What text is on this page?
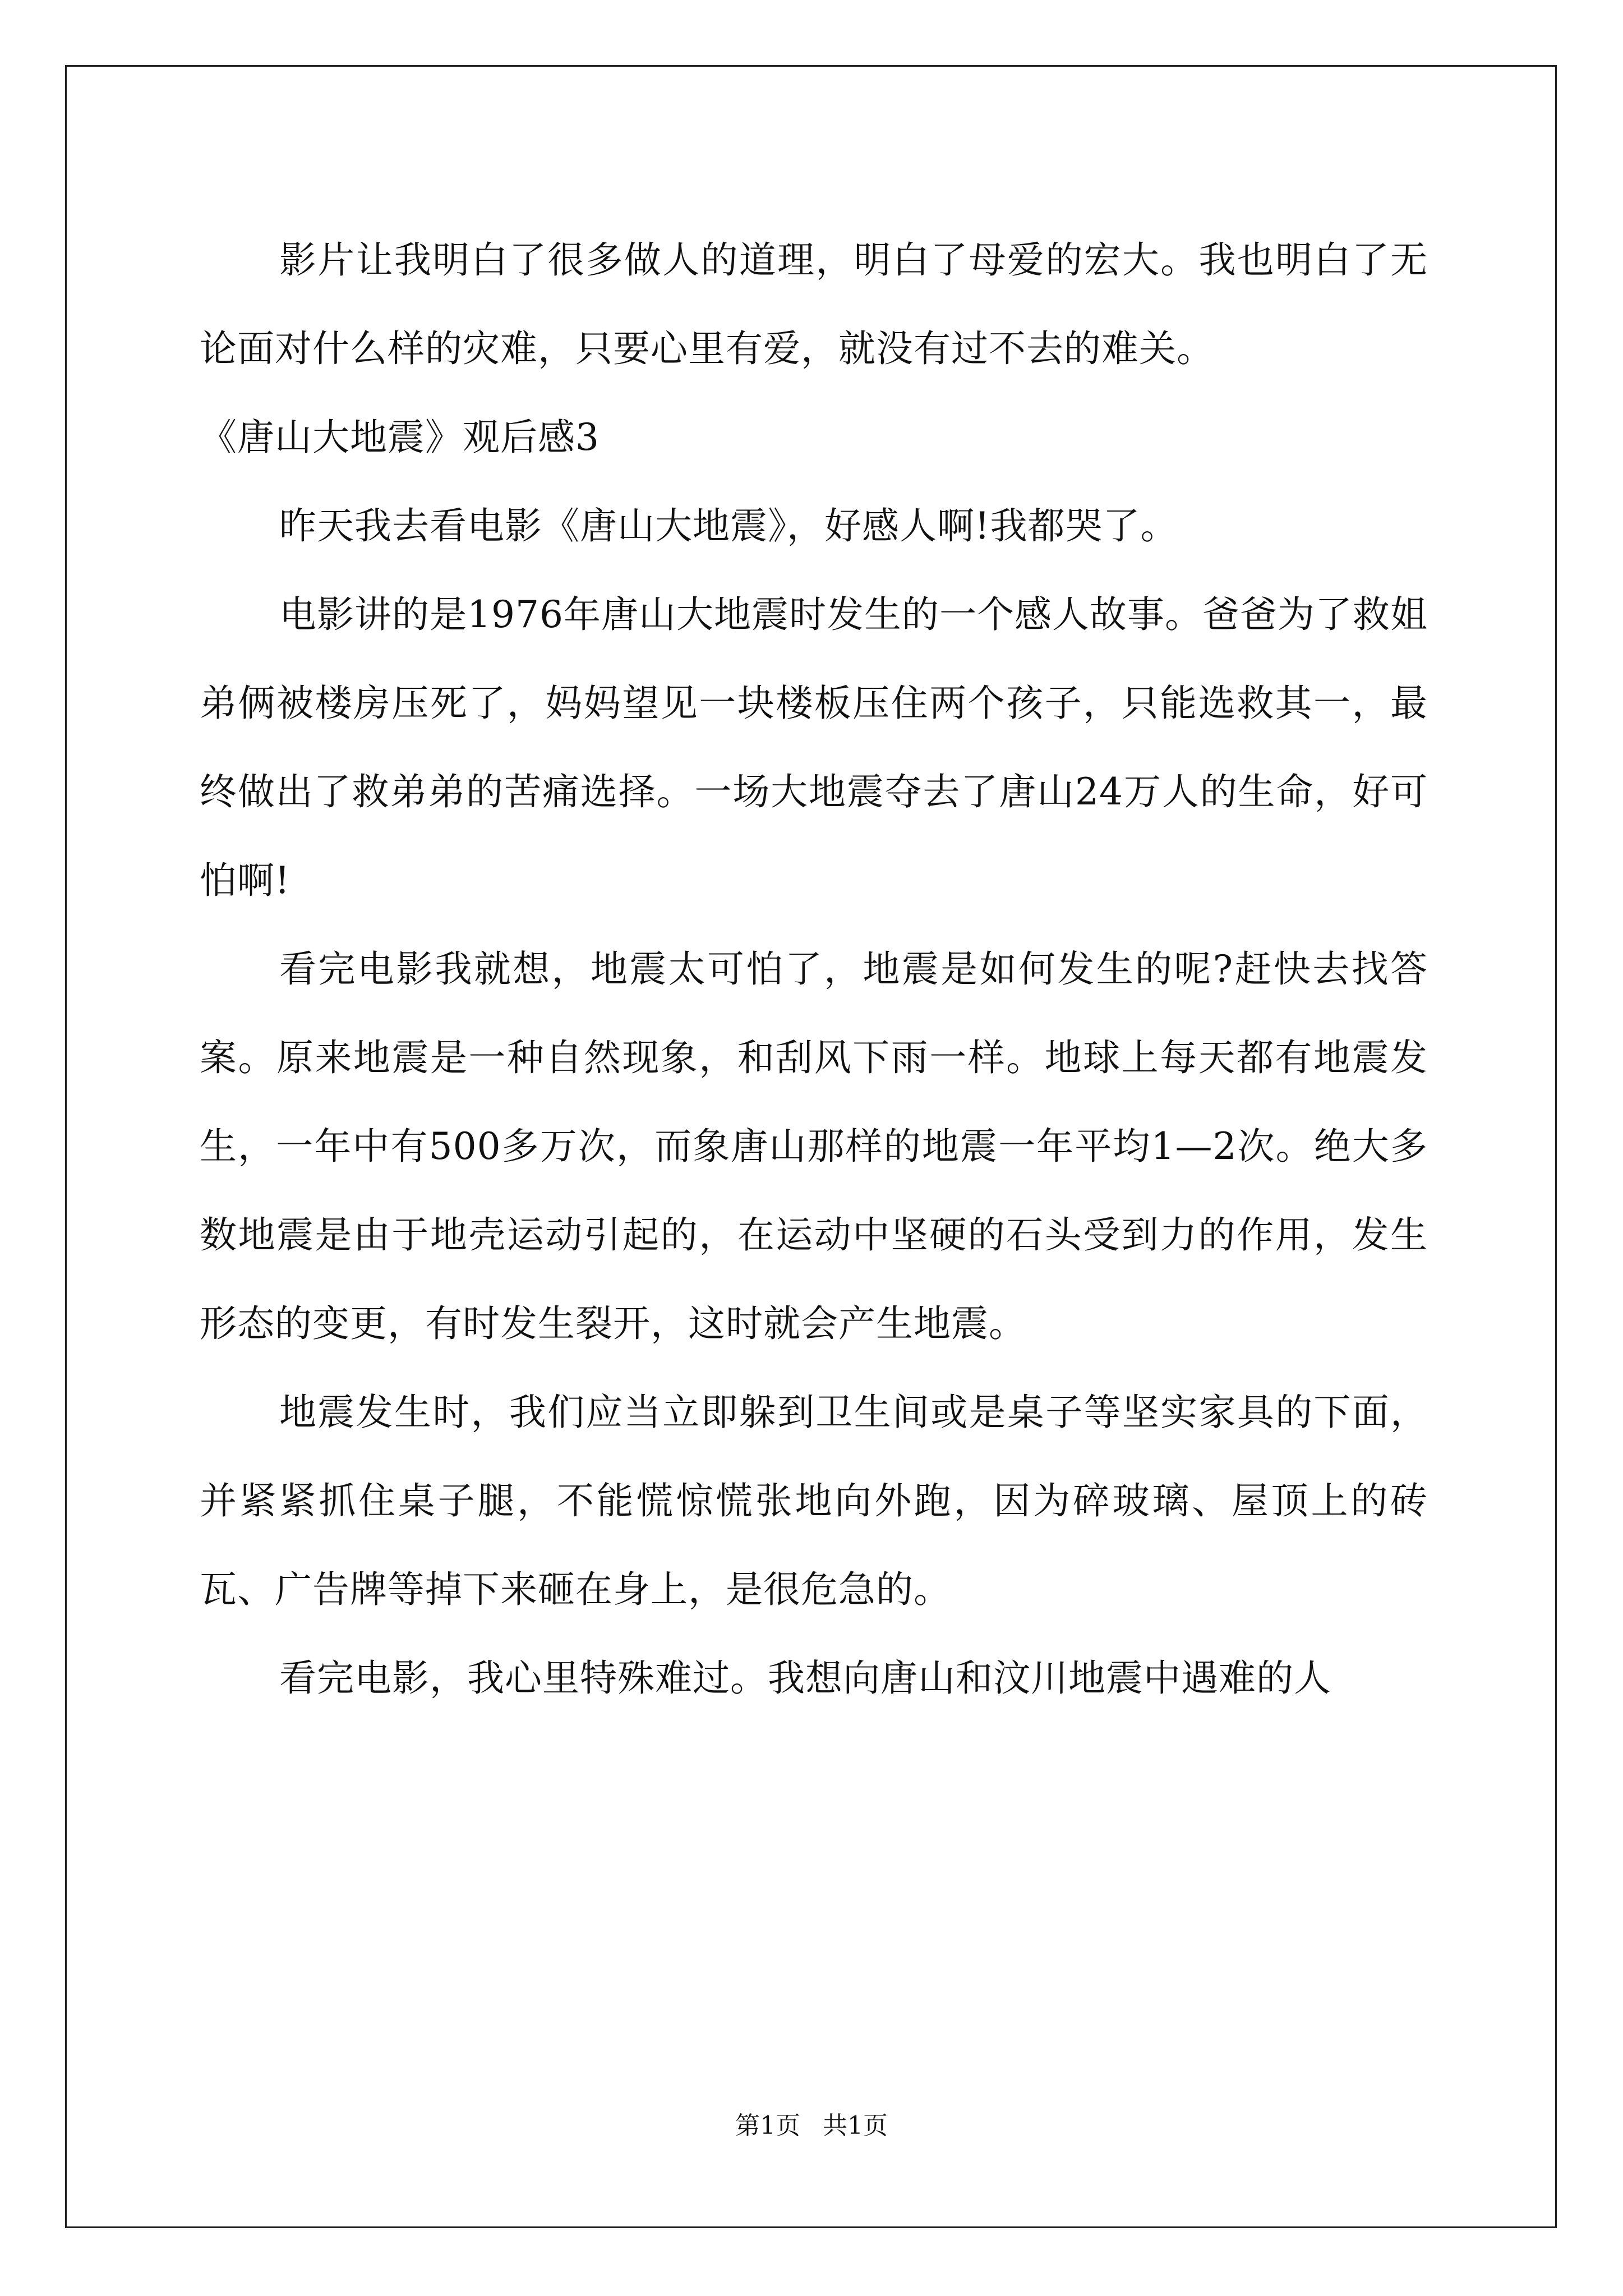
影片让我明白了很多做人的道理，明白了母爱的宏大。我也明白了无论面对什么样的灾难，只要心里有爱，就没有过不去的难关。

《唐山大地震》观后感3

昨天我去看电影《唐山大地震》，好感人啊!我都哭了。

电影讲的是1976年唐山大地震时发生的一个感人故事。爸爸为了救姐弟俩被楼房压死了，妈妈望见一块楼板压住两个孩子，只能选救其一，最终做出了救弟弟的苦痛选择。一场大地震夺去了唐山24万人的生命，好可怕啊!

看完电影我就想，地震太可怕了，地震是如何发生的呢?赶快去找答案。原来地震是一种自然现象，和刮风下雨一样。地球上每天都有地震发生，一年中有500多万次，而象唐山那样的地震一年平均1—2次。绝大多数地震是由于地壳运动引起的，在运动中坚硬的石头受到力的作用，发生形态的变更，有时发生裂开，这时就会产生地震。

地震发生时，我们应当立即躲到卫生间或是桌子等坚实家具的下面，并紧紧抓住桌子腿，不能慌惊慌张地向外跑，因为碎玻璃、屋顶上的砖瓦、广告牌等掉下来砸在身上，是很危急的。

看完电影，我心里特殊难过。我想向唐山和汶川地震中遇难的人

第1页 共1页
